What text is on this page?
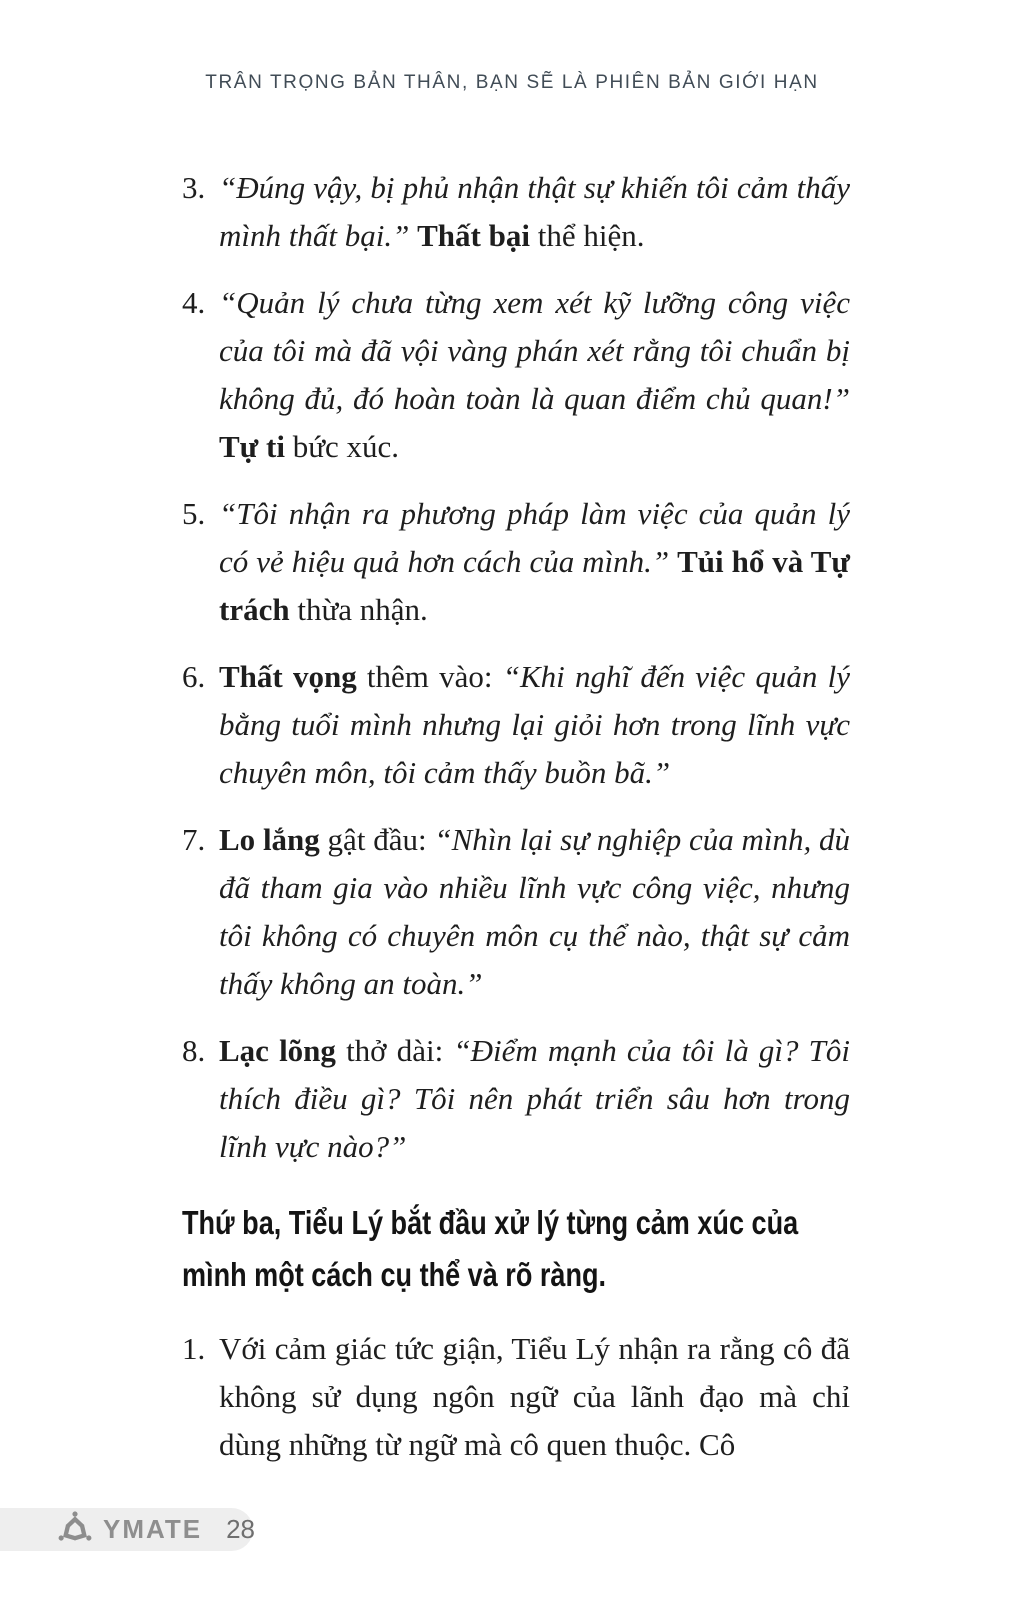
TRÂN TRỌNG BẢN THÂN, BẠN SẼ LÀ PHIÊN BẢN GIỚI HẠN
3. “Đúng vậy, bị phủ nhận thật sự khiến tôi cảm thấy mình thất bại.” Thất bại thể hiện.
4. “Quản lý chưa từng xem xét kỹ lưỡng công việc của tôi mà đã vội vàng phán xét rằng tôi chuẩn bị không đủ, đó hoàn toàn là quan điểm chủ quan!” Tự ti bức xúc.
5. “Tôi nhận ra phương pháp làm việc của quản lý có vẻ hiệu quả hơn cách của mình.” Tủi hổ và Tự trách thừa nhận.
6. Thất vọng thêm vào: “Khi nghĩ đến việc quản lý bằng tuổi mình nhưng lại giỏi hơn trong lĩnh vực chuyên môn, tôi cảm thấy buồn bã.”
7. Lo lắng gật đầu: “Nhìn lại sự nghiệp của mình, dù đã tham gia vào nhiều lĩnh vực công việc, nhưng tôi không có chuyên môn cụ thể nào, thật sự cảm thấy không an toàn.”
8. Lạc lõng thở dài: “Điểm mạnh của tôi là gì? Tôi thích điều gì? Tôi nên phát triển sâu hơn trong lĩnh vực nào?”
Thứ ba, Tiểu Lý bắt đầu xử lý từng cảm xúc của mình một cách cụ thể và rõ ràng.
1. Với cảm giác tức giận, Tiểu Lý nhận ra rằng cô đã không sử dụng ngôn ngữ của lãnh đạo mà chỉ dùng những từ ngữ mà cô quen thuộc. Cô
YMATE 28
